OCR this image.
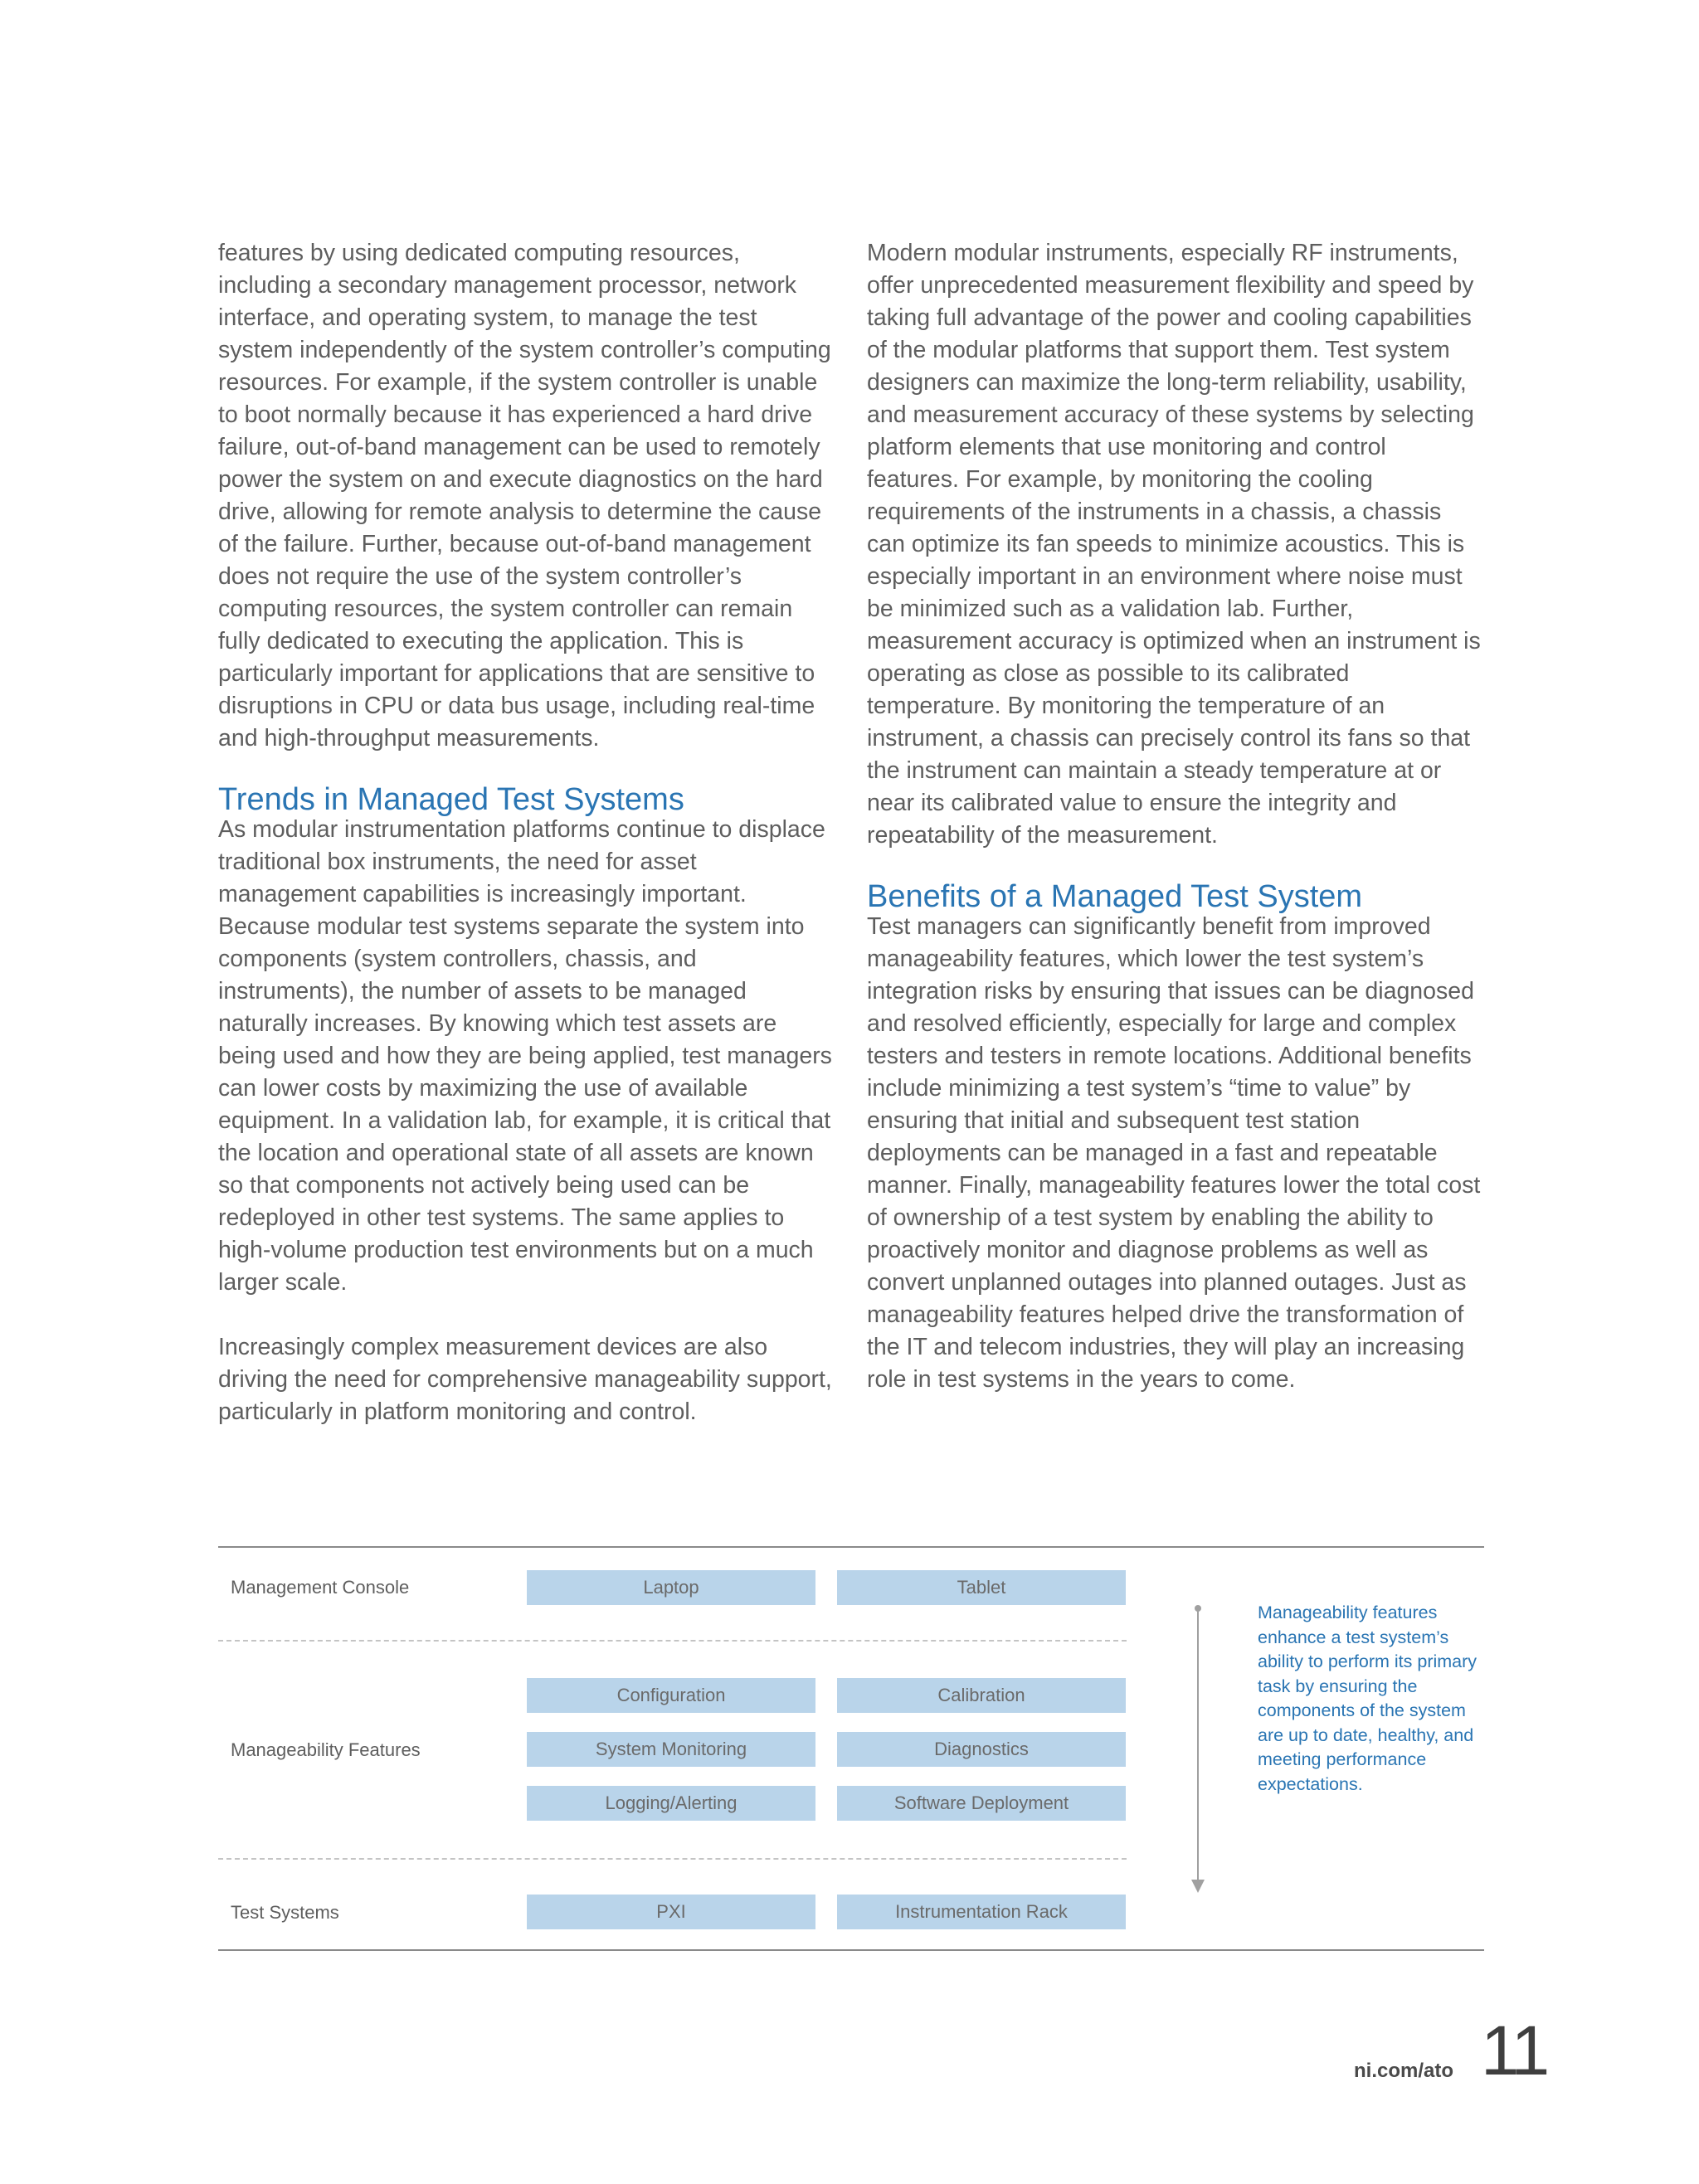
features by using dedicated computing resources, including a secondary management processor, network interface, and operating system, to manage the test system independently of the system controller’s computing resources. For example, if the system controller is unable to boot normally because it has experienced a hard drive failure, out-of-band management can be used to remotely power the system on and execute diagnostics on the hard drive, allowing for remote analysis to determine the cause of the failure. Further, because out-of-band management does not require the use of the system controller’s computing resources, the system controller can remain fully dedicated to executing the application. This is particularly important for applications that are sensitive to disruptions in CPU or data bus usage, including real-time and high-throughput measurements.

Trends in Managed Test Systems

As modular instrumentation platforms continue to displace traditional box instruments, the need for asset management capabilities is increasingly important. Because modular test systems separate the system into components (system controllers, chassis, and instruments), the number of assets to be managed naturally increases. By knowing which test assets are being used and how they are being applied, test managers can lower costs by maximizing the use of available equipment. In a validation lab, for example, it is critical that the location and operational state of all assets are known so that components not actively being used can be redeployed in other test systems. The same applies to high-volume production test environments but on a much larger scale.

Increasingly complex measurement devices are also driving the need for comprehensive manageability support, particularly in platform monitoring and control.

Modern modular instruments, especially RF instruments, offer unprecedented measurement flexibility and speed by taking full advantage of the power and cooling capabilities of the modular platforms that support them. Test system designers can maximize the long-term reliability, usability, and measurement accuracy of these systems by selecting platform elements that use monitoring and control features. For example, by monitoring the cooling requirements of the instruments in a chassis, a chassis can optimize its fan speeds to minimize acoustics. This is especially important in an environment where noise must be minimized such as a validation lab. Further, measurement accuracy is optimized when an instrument is operating as close as possible to its calibrated temperature. By monitoring the temperature of an instrument, a chassis can precisely control its fans so that the instrument can maintain a steady temperature at or near its calibrated value to ensure the integrity and repeatability of the measurement.

Benefits of a Managed Test System

Test managers can significantly benefit from improved manageability features, which lower the test system’s integration risks by ensuring that issues can be diagnosed and resolved efficiently, especially for large and complex testers and testers in remote locations. Additional benefits include minimizing a test system’s “time to value” by ensuring that initial and subsequent test station deployments can be managed in a fast and repeatable manner. Finally, manageability features lower the total cost of ownership of a test system by enabling the ability to proactively monitor and diagnose problems as well as convert unplanned outages into planned outages. Just as manageability features helped drive the transformation of the IT and telecom industries, they will play an increasing role in test systems in the years to come.

Management Console
Manageability Features
Test Systems
Laptop	Tablet
Configuration	Calibration
System Monitoring	Diagnostics
Logging/Alerting	Software Deployment
PXI	Instrumentation Rack
Manageability features enhance a test system’s ability to perform its primary task by ensuring the components of the system are up to date, healthy, and meeting performance expectations.
ni.com/ato 11
